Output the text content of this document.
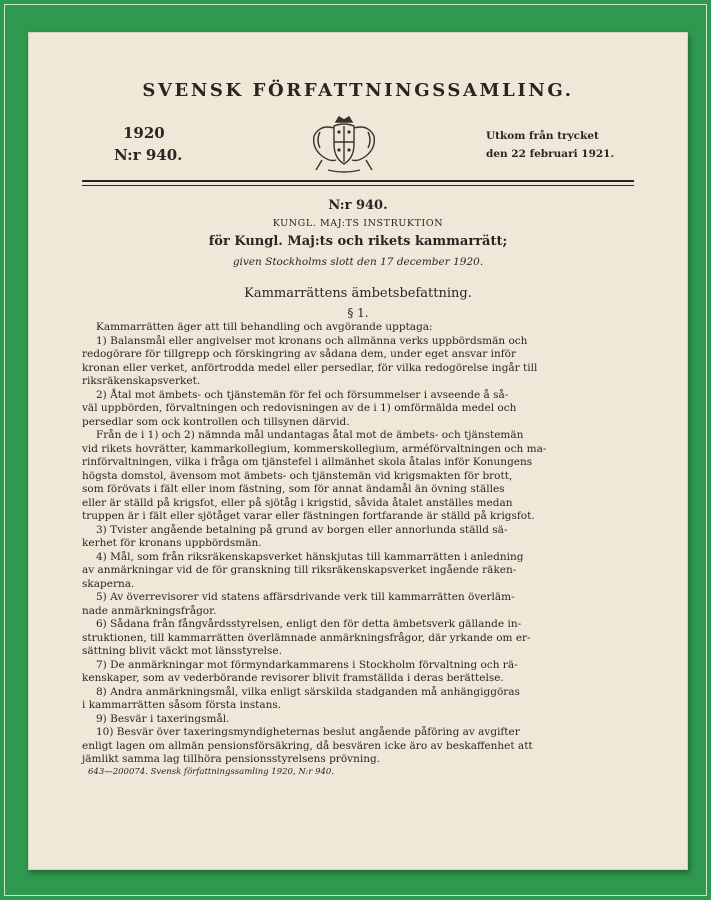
SVENSK FÖRFATTNINGSSAMLING.
1920
N:r 940.
Utkom från trycket
den 22 februari 1921.
N:r 940.
KUNGL. MAJ:TS INSTRUKTION
för Kungl. Maj:ts och rikets kammarrätt;
given Stockholms slott den 17 december 1920.
Kammarrättens ämbetsbefattning.
§ 1.
Kammarrätten äger att till behandling och avgörande upptaga:
1) Balansmål eller angivelser mot kronans och allmänna verks uppbördsmän och
redogörare för tillgrepp och förskingring av sådana dem, under eget ansvar inför
kronan eller verket, anförtrodda medel eller persedlar, för vilka redogörelse ingår till
riksräkenskapsverket.
2) Åtal mot ämbets- och tjänstemän för fel och försummelser i avseende å så-
väl uppbörden, förvaltningen och redovisningen av de i 1) omförmälda medel och
persedlar som ock kontrollen och tillsynen därvid.
Från de i 1) och 2) nämnda mål undantagas åtal mot de ämbets- och tjänstemän
vid rikets hovrätter, kammarkollegium, kommerskollegium, arméförvaltningen och ma-
rinförvaltningen, vilka i fråga om tjänstefel i allmänhet skola åtalas inför Konungens
högsta domstol, ävensom mot ämbets- och tjänstemän vid krigsmakten för brott,
som förövats i fält eller inom fästning, som för annat ändamål än övning ställes
eller är ställd på krigsfot, eller på sjötåg i krigstid, såvida åtalet anställes medan
truppen är i fält eller sjötåget varar eller fästningen fortfarande är ställd på krigsfot.
3) Tvister angående betalning på grund av borgen eller annorlunda ställd sä-
kerhet för kronans uppbördsmän.
4) Mål, som från riksräkenskapsverket hänskjutas till kammarrätten i anledning
av anmärkningar vid de för granskning till riksräkenskapsverket ingående räken-
skaperna.
5) Av överrevisorer vid statens affärsdrivande verk till kammarrätten överläm-
nade anmärkningsfrågor.
6) Sådana från fångvårdsstyrelsen, enligt den för detta ämbetsverk gällande in-
struktionen, till kammarrätten överlämnade anmärkningsfrågor, där yrkande om er-
sättning blivit väckt mot länsstyrelse.
7) De anmärkningar mot förmyndarkammarens i Stockholm förvaltning och rä-
kenskaper, som av vederbörande revisorer blivit framställda i deras berättelse.
8) Andra anmärkningsmål, vilka enligt särskilda stadganden må anhängiggöras
i kammarrätten såsom första instans.
9) Besvär i taxeringsmål.
10) Besvär över taxeringsmyndigheternas beslut angående påföring av avgifter
enligt lagen om allmän pensionsförsäkring, då besvären icke äro av beskaffenhet att
jämlikt samma lag tillhöra pensionsstyrelsens prövning.
643—200074. Svensk författningssamling 1920, N:r 940.
